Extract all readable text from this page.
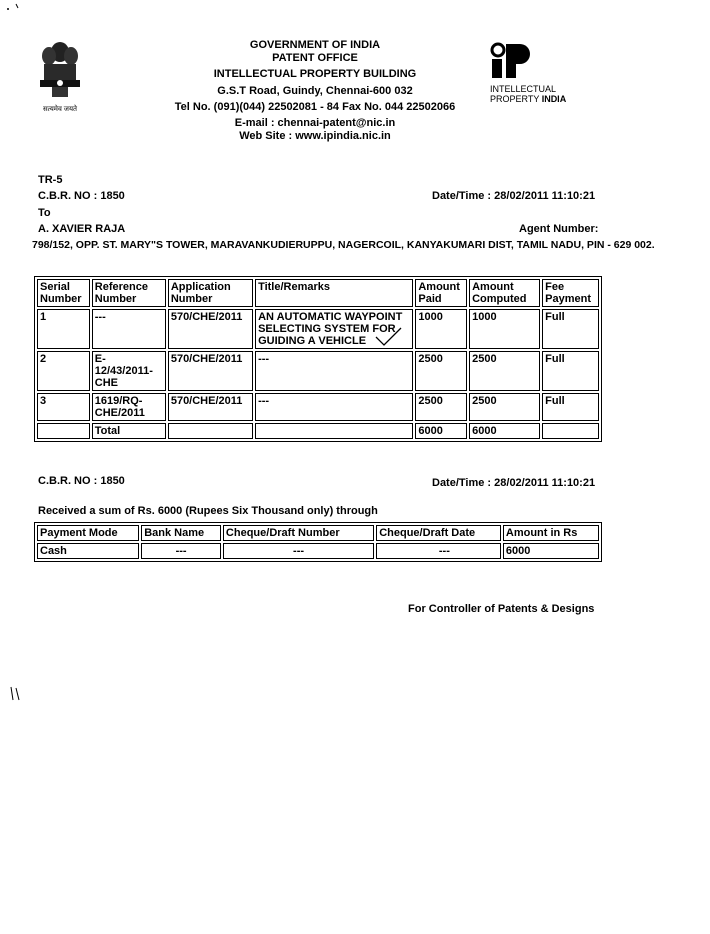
सत्यमेव जयते
GOVERNMENT OF INDIA
PATENT OFFICE
INTELLECTUAL PROPERTY BUILDING
G.S.T Road, Guindy, Chennai-600 032
Tel No. (091)(044) 22502081 - 84 Fax No. 044 22502066
E-mail : chennai-patent@nic.in
Web Site : www.ipindia.nic.in
INTELLECTUAL
PROPERTY INDIA
TR-5
C.B.R. NO : 1850	Date/Time : 28/02/2011 11:10:21
To
A. XAVIER RAJA	Agent Number:
798/152, OPP. ST. MARY"S TOWER, MARAVANKUDIERUPPU, NAGERCOIL, KANYAKUMARI DIST, TAMIL NADU, PIN - 629 002.
Serial Number	Reference Number	Application Number	Title/Remarks	Amount Paid	Amount Computed	Fee Payment
1	---	570/CHE/2011	AN AUTOMATIC WAYPOINT SELECTING SYSTEM FOR GUIDING A VEHICLE	1000	1000	Full
2	E-12/43/2011-CHE	570/CHE/2011	---	2500	2500	Full
3	1619/RQ-CHE/2011	570/CHE/2011	---	2500	2500	Full
	Total			6000	6000	
C.B.R. NO : 1850	Date/Time : 28/02/2011 11:10:21
Received a sum of Rs. 6000 (Rupees Six Thousand only) through
Payment Mode	Bank Name	Cheque/Draft Number	Cheque/Draft Date	Amount in Rs
Cash	---	---	---	6000
For Controller of Patents & Designs
